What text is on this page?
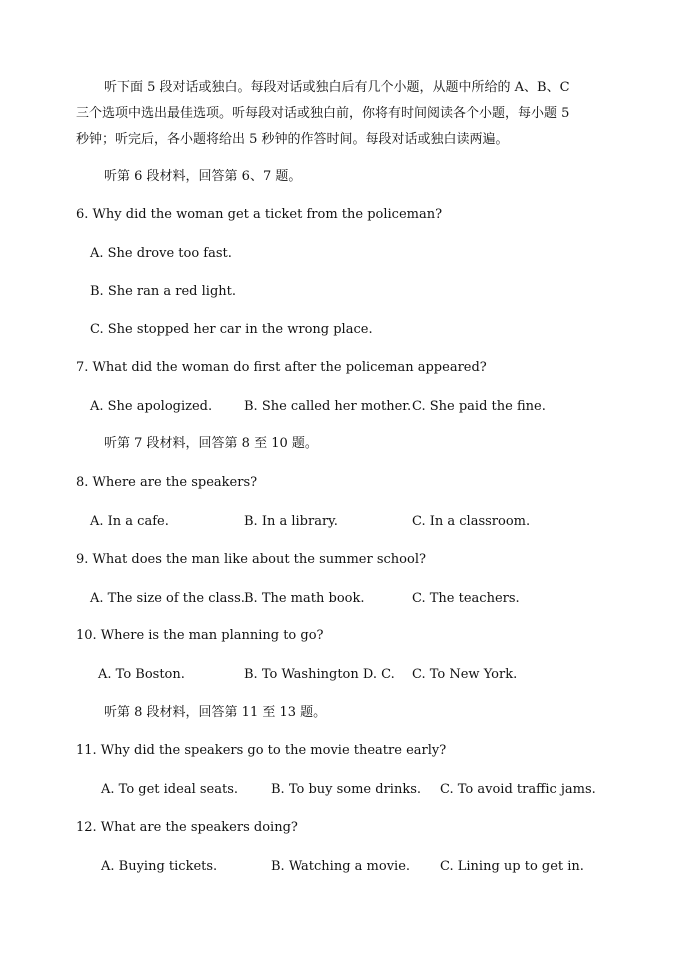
听下面 5 段对话或独白。每段对话或独白后有几个小题，从题中所给的 A、B、C
三个选项中选出最佳选项。听每段对话或独白前，你将有时间阅读各个小题，每小题 5
秒钟；听完后，各小题将给出 5 秒钟的作答时间。每段对话或独白读两遍。
听第 6 段材料，回答第 6、7 题。
6. Why did the woman get a ticket from the policeman?
A. She drove too fast.
B. She ran a red light.
C. She stopped her car in the wrong place.
7. What did the woman do first after the policeman appeared?
A. She apologized. B. She called her mother. C. She paid the fine.
听第 7 段材料，回答第 8 至 10 题。
8. Where are the speakers?
A. In a cafe.	B. In a library.	C. In a classroom.
9. What does the man like about the summer school?
A. The size of the class. B. The math book.	C. The teachers.
10. Where is the man planning to go?
A. To Boston.	B. To Washington D. C. C. To New York.
听第 8 段材料，回答第 11 至 13 题。
11. Why did the speakers go to the movie theatre early?
A. To get ideal seats.	B. To buy some drinks. C. To avoid traffic jams.
12. What are the speakers doing?
A. Buying tickets.	B. Watching a movie. C. Lining up to get in.
